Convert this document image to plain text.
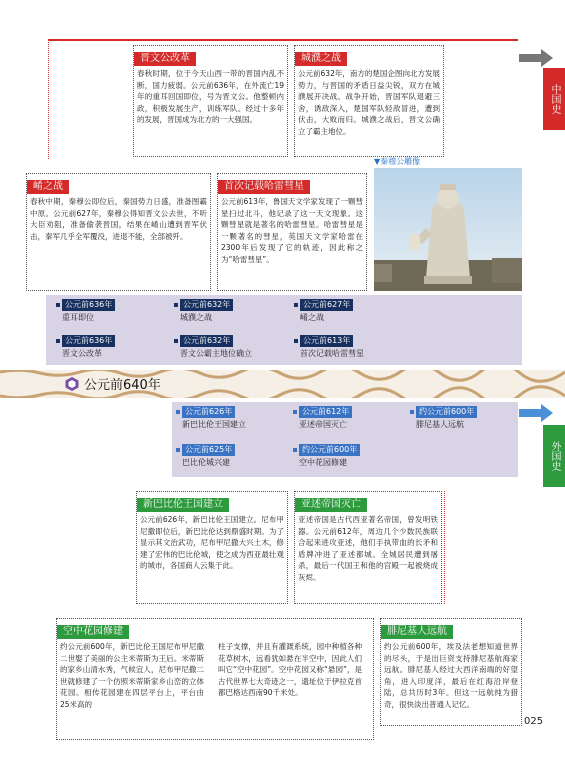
中国史
晋文公改革
春秋时期，位于今天山西一带的晋国内乱不断，国力疲弱。公元前636年，在外流亡19年的重耳回国即位，号为晋文公。他整顿内政，积极发展生产，训练军队。经过十多年的发展，晋国成为北方的一大强国。
城濮之战
公元前632年，南方的楚国企图向北方发展势力，与晋国的矛盾日益尖锐，双方在城濮展开决战。战争开始，晋国军队退避三舍，诱敌深入，楚国军队轻敌冒进，遭到伏击，大败而归。城濮之战后，晋文公确立了霸主地位。
崤之战
春秋中期，秦穆公即位后，秦国势力日盛，准备图霸中原。公元前627年，秦穆公得知晋文公去世，不听大臣劝阻，准备偷袭晋国，结果在崤山遭到晋军伏击，秦军几乎全军覆没，进退不能，全部被歼。
首次记载哈雷彗星
公元前613年，鲁国天文学家发现了一颗彗星扫过北斗，他记录了这一天文现象。这颗彗星就是著名的哈雷彗星。哈雷彗星是一颗著名的彗星，英国天文学家哈雷在2300年后发现了它的轨迹，因此称之为“哈雷彗星”。
▼秦穆公雕像
公元前636年
重耳即位
公元前632年
城濮之战
公元前627年
崤之战
公元前636年
晋文公改革
公元前632年
晋文公霸主地位确立
公元前613年
首次记载哈雷彗星
公元前640年
外国史
公元前626年
新巴比伦王国建立
公元前612年
亚述帝国灭亡
约公元前600年
腓尼基人远航
公元前625年
巴比伦城兴建
约公元前600年
空中花园修建
新巴比伦王国建立
公元前626年，新巴比伦王国建立。尼布甲尼撒即位后，新巴比伦达到鼎盛时期。为了显示其文治武功，尼布甲尼撒大兴土木，修建了宏伟的巴比伦城，使之成为西亚最壮观的城市，各国商人云集于此。
亚述帝国灭亡
亚述帝国是古代西亚著名帝国，曾发明铁器。公元前612年，周边几个少数民族联合起来进攻亚述，他们手执带血的长矛和盾牌冲进了亚述都城。全城居民遭到屠杀，最后一代国王和他的宫殿一起被烧成灰烬。
空中花园修建
约公元前600年，新巴比伦王国尼布甲尼撒二世娶了美丽的公主米蒂斯为王后。米蒂斯的家乡山清水秀，气候宜人，尼布甲尼撒二世就修建了一个仿照米蒂斯家乡山峦的立体花园。相传花园建在四层平台上，平台由25米高的
柱子支撑，并且有灌溉系统，园中种植各种花草树木，远看犹如悬在半空中，因此人们叫它“空中花园”。空中花园又称“悬园”，是古代世界七大奇迹之一，遗址位于伊拉克首都巴格达西南90千米处。
腓尼基人远航
约公元前600年，埃及法老想知道世界的尽头，于是出巨资支持腓尼基航海家远航。腓尼基人经过大西洋南端的好望角，进入印度洋，最后在红海沿岸登陆，总共历时3年。但这一远航纯为猎奇，很快淡出普通人记忆。
025
